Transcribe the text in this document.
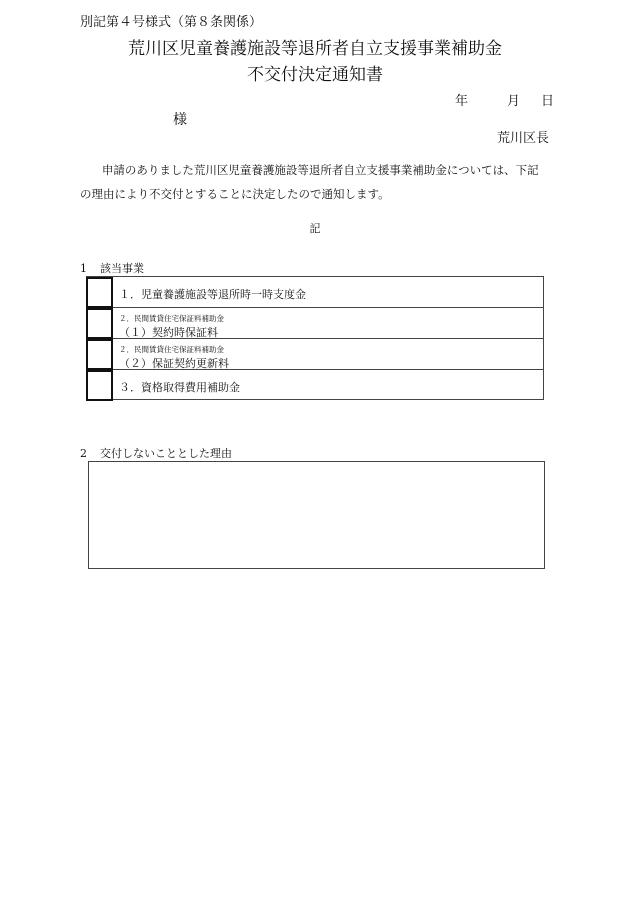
別記第４号様式（第８条関係）
荒川区児童養護施設等退所者自立支援事業補助金
不交付決定通知書
年	月 日
様
荒川区長
申請のありました荒川区児童養護施設等退所者自立支援事業補助金については、下記の理由により不交付とすることに決定したので通知します。
記
1 該当事業
１．児童養護施設等退所時一時支度金
２．民間賃貸住宅保証料補助金
（１）契約時保証料
２．民間賃貸住宅保証料補助金
（２）保証契約更新料
３．資格取得費用補助金
2 交付しないこととした理由
